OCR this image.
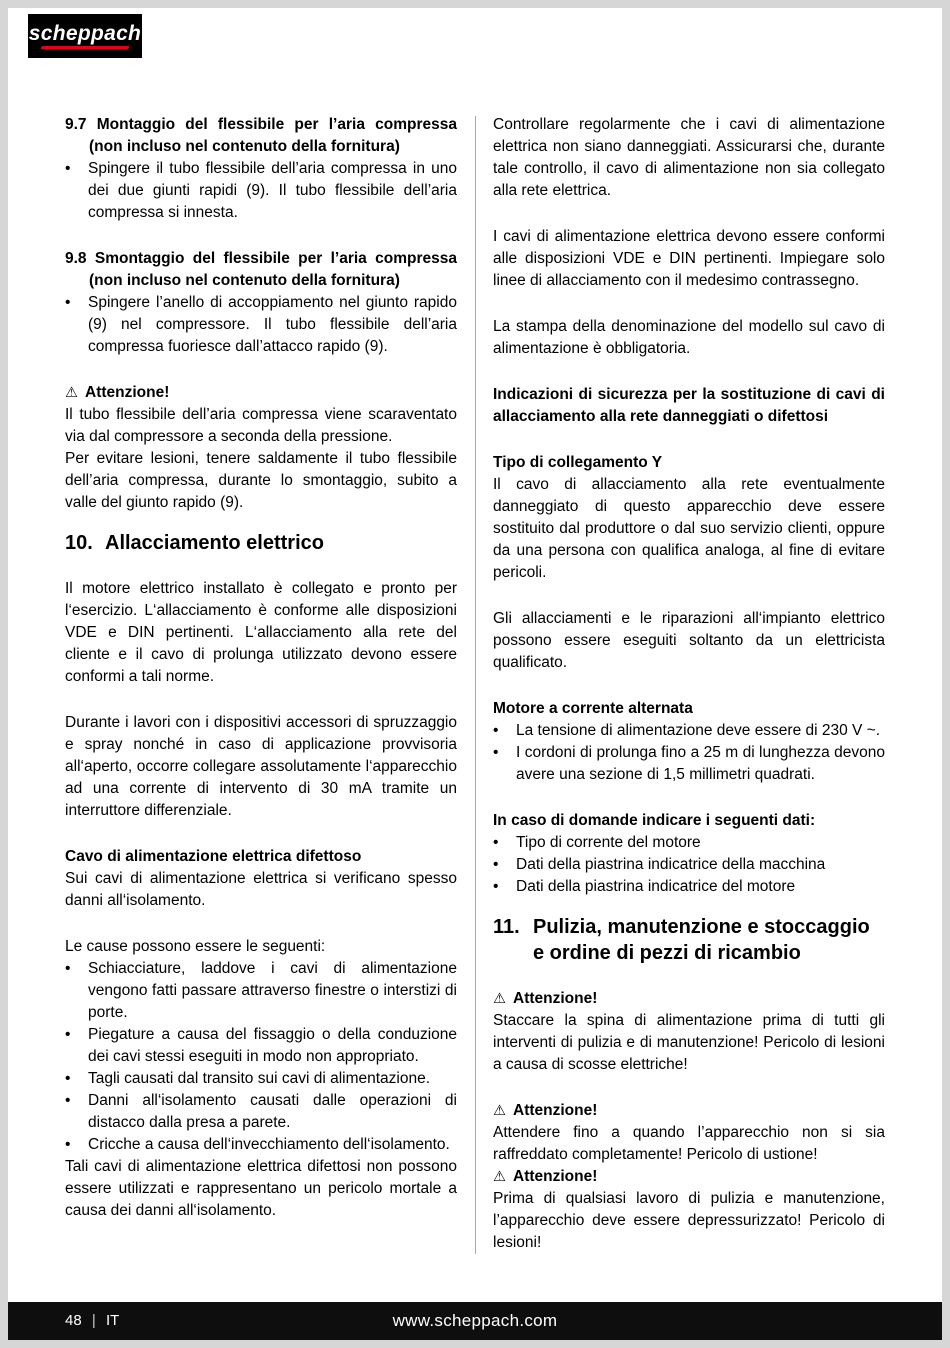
scheppach
9.7 Montaggio del flessibile per l’aria compressa (non incluso nel contenuto della fornitura)
•	Spingere il tubo flessibile dell’aria compressa in uno dei due giunti rapidi (9). Il tubo flessibile dell’aria compressa si innesta.
9.8 Smontaggio del flessibile per l’aria compressa (non incluso nel contenuto della fornitura)
•	Spingere l’anello di accoppiamento nel giunto rapido (9) nel compressore. Il tubo flessibile dell’aria compressa fuoriesce dall’attacco rapido (9).
⚠ Attenzione!
Il tubo flessibile dell’aria compressa viene scaraventato via dal compressore a seconda della pressione.
Per evitare lesioni, tenere saldamente il tubo flessibile dell’aria compressa, durante lo smontaggio, subito a valle del giunto rapido (9).
10. Allacciamento elettrico
Il motore elettrico installato è collegato e pronto per l‘esercizio. L‘allacciamento è conforme alle disposizioni VDE e DIN pertinenti. L‘allacciamento alla rete del cliente e il cavo di prolunga utilizzato devono essere conformi a tali norme.
Durante i lavori con i dispositivi accessori di spruzzaggio e spray nonché in caso di applicazione provvisoria all‘aperto, occorre collegare assolutamente l‘apparecchio ad una corrente di intervento di 30 mA tramite un interruttore differenziale.
Cavo di alimentazione elettrica difettoso
Sui cavi di alimentazione elettrica si verificano spesso danni all‘isolamento.
Le cause possono essere le seguenti:
•	Schiacciature, laddove i cavi di alimentazione vengono fatti passare attraverso finestre o interstizi di porte.
•	Piegature a causa del fissaggio o della conduzione dei cavi stessi eseguiti in modo non appropriato.
•	Tagli causati dal transito sui cavi di alimentazione.
•	Danni all‘isolamento causati dalle operazioni di distacco dalla presa a parete.
•	Cricche a causa dell‘invecchiamento dell‘isolamento.
Tali cavi di alimentazione elettrica difettosi non possono essere utilizzati e rappresentano un pericolo mortale a causa dei danni all‘isolamento.
Controllare regolarmente che i cavi di alimentazione elettrica non siano danneggiati. Assicurarsi che, durante tale controllo, il cavo di alimentazione non sia collegato alla rete elettrica.
I cavi di alimentazione elettrica devono essere conformi alle disposizioni VDE e DIN pertinenti. Impiegare solo linee di allacciamento con il medesimo contrassegno.
La stampa della denominazione del modello sul cavo di alimentazione è obbligatoria.
Indicazioni di sicurezza per la sostituzione di cavi di allacciamento alla rete danneggiati o difettosi
Tipo di collegamento Y
Il cavo di allacciamento alla rete eventualmente danneggiato di questo apparecchio deve essere sostituito dal produttore o dal suo servizio clienti, oppure da una persona con qualifica analoga, al fine di evitare pericoli.
Gli allacciamenti e le riparazioni all‘impianto elettrico possono essere eseguiti soltanto da un elettricista qualificato.
Motore a corrente alternata
•	La tensione di alimentazione deve essere di 230 V ~.
•	I cordoni di prolunga fino a 25 m di lunghezza devono avere una sezione di 1,5 millimetri quadrati.
In caso di domande indicare i seguenti dati:
•	Tipo di corrente del motore
•	Dati della piastrina indicatrice della macchina
•	Dati della piastrina indicatrice del motore
11. Pulizia, manutenzione e stoccaggio e ordine di pezzi di ricambio
⚠ Attenzione!
Staccare la spina di alimentazione prima di tutti gli interventi di pulizia e di manutenzione! Pericolo di lesioni a causa di scosse elettriche!
⚠ Attenzione!
Attendere fino a quando l’apparecchio non si sia raffreddato completamente! Pericolo di ustione!
⚠ Attenzione!
Prima di qualsiasi lavoro di pulizia e manutenzione, l’apparecchio deve essere depressurizzato! Pericolo di lesioni!
48 | IT	www.scheppach.com
